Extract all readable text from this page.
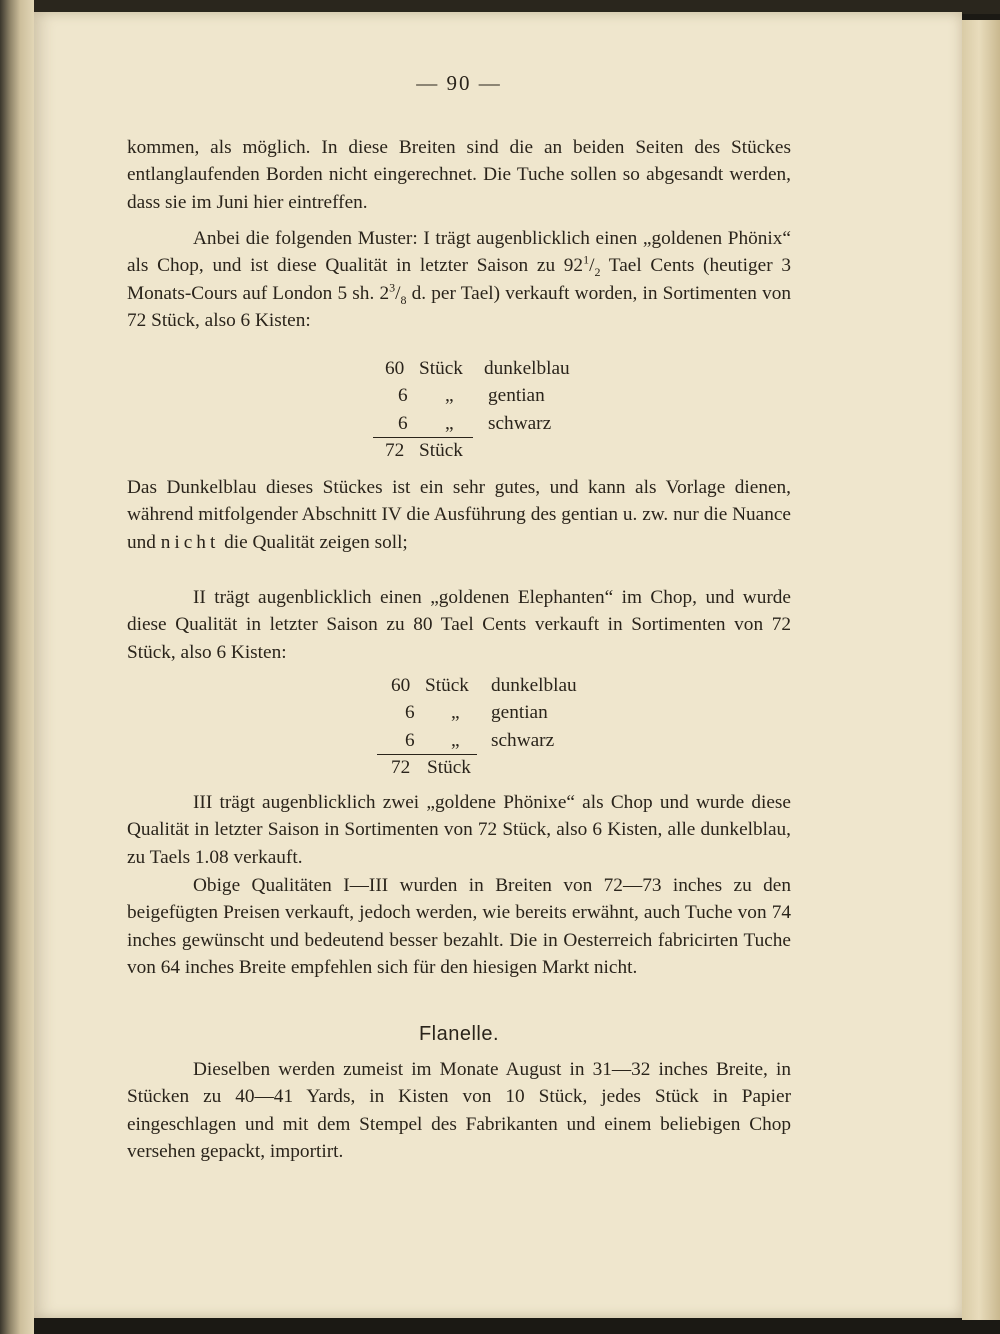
— 90 —

kommen, als möglich. In diese Breiten sind die an beiden Seiten des Stückes entlanglaufenden Borden nicht eingerechnet. Die Tuche sollen so abgesandt werden, dass sie im Juni hier eintreffen.

Anbei die folgenden Muster: I trägt augenblicklich einen „goldenen Phönix“ als Chop, und ist diese Qualität in letzter Saison zu $92^1/_2$ Tael Cents (heutiger 3 Monats-Cours auf London 5 sh. $2^3/_8$ d. per Tael) verkauft worden, in Sortimenten von 72 Stück, also 6 Kisten:

60 Stück dunkelblau
6	„ gentian
6	„ schwarz
72 Stück

Das Dunkelblau dieses Stückes ist ein sehr gutes, und kann als Vorlage dienen, während mitfolgender Abschnitt IV die Ausführung des gentian u. zw. nur die Nuance und nicht die Qualität zeigen soll;

II trägt augenblicklich einen „goldenen Elephanten“ im Chop, und wurde diese Qualität in letzter Saison zu 80 Tael Cents verkauft in Sortimenten von 72 Stück, also 6 Kisten:

60 Stück dunkelblau
6	„ gentian
6	„ schwarz
72 Stück

III trägt augenblicklich zwei „goldene Phönixe“ als Chop und wurde diese Qualität in letzter Saison in Sortimenten von 72 Stück, also 6 Kisten, alle dunkelblau, zu Taels 1.08 verkauft.

Obige Qualitäten I—III wurden in Breiten von 72—73 inches zu den beigefügten Preisen verkauft, jedoch werden, wie bereits erwähnt, auch Tuche von 74 inches gewünscht und bedeutend besser bezahlt. Die in Oesterreich fabricirten Tuche von 64 inches Breite empfehlen sich für den hiesigen Markt nicht.

Flanelle.

Dieselben werden zumeist im Monate August in 31—32 inches Breite, in Stücken zu 40—41 Yards, in Kisten von 10 Stück, jedes Stück in Papier eingeschlagen und mit dem Stempel des Fabrikanten und einem beliebigen Chop versehen gepackt, importirt.
